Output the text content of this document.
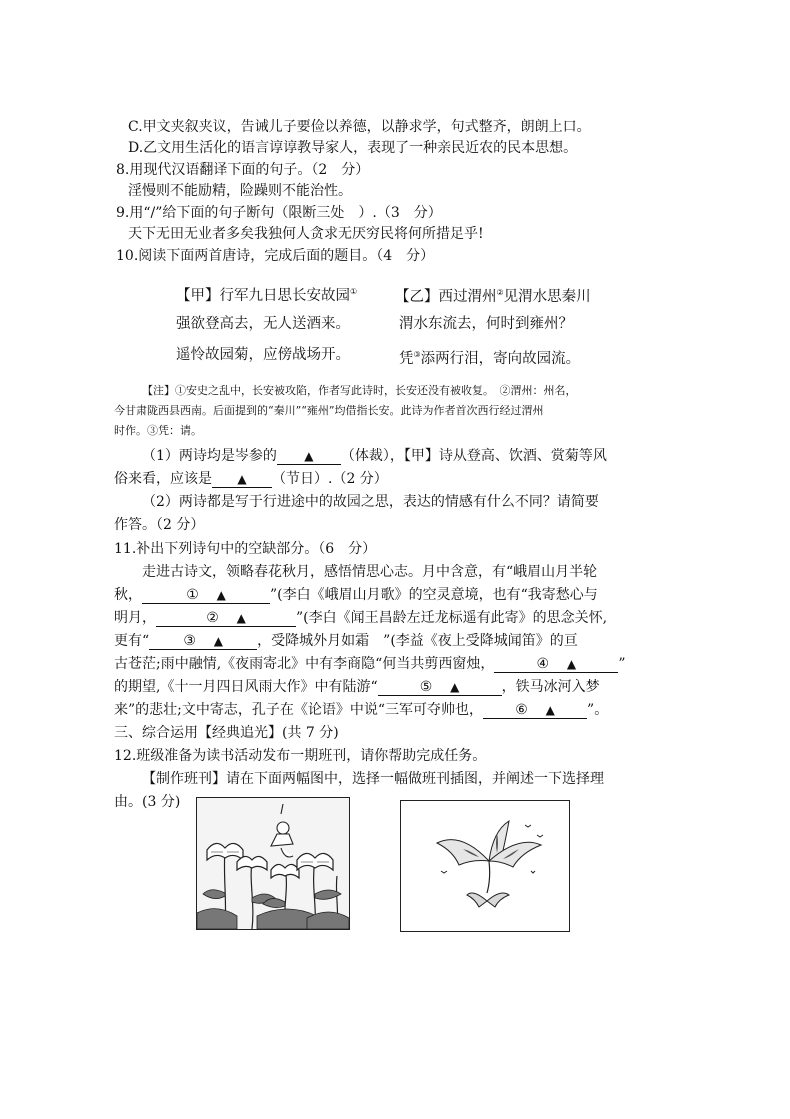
C.甲文夹叙夹议，告诫儿子要俭以养德，以静求学，句式整齐，朗朗上口。
D.乙文用生活化的语言谆谆教导家人，表现了一种亲民近农的民本思想。
8.用现代汉语翻译下面的句子。（2　分）
淫慢则不能励精，险躁则不能治性。
9.用“/”给下面的句子断句（限断三处　）.（3　分）
天下无田无业者多矣我独何人贪求无厌穷民将何所措足乎!
10.阅读下面两首唐诗，完成后面的题目。（4　分）
【甲】行军九日思长安故园①	【乙】西过渭州②见渭水思秦川
强欲登高去，无人送酒来。	渭水东流去，何时到雍州？
遥怜故园菊，应傍战场开。	凭③添两行泪，寄向故园流。
【注】①安史之乱中，长安被攻陷，作者写此诗时，长安还没有被收复。　②渭州：州名，
今甘肃陇西县西南。后面提到的“秦川”“雍州”均借指长安。此诗为作者首次西行经过渭州
时作。③凭：请。
（1）两诗均是岑参的 ▲ （体裁），【甲】诗从登高、饮酒、赏菊等风
俗来看，应该是 ▲ （节日）.（2 分）
（2）两诗都是写于行进途中的故园之思，表达的情感有什么不同？请简要
作答。（2 分）
11.补出下列诗句中的空缺部分。（6　分）
走进古诗文，领略春花秋月，感悟情思心志。月中含意，有“峨眉山月半轮
秋，	① ▲	”(李白《峨眉山月歌》的空灵意境，也有“我寄愁心与
明月，	② ▲	”(李白《闻王昌龄左迁龙标遥有此寄》的思念关怀,
更有“ ③ ▲ ，受降城外月如霜　”(李益《夜上受降城闻笛》的亘
古苍茫;雨中融情,《夜雨寄北》中有李商隐“何当共剪西窗烛，	④ ▲	”
的期望,《十一月四日风雨大作》中有陆游“	⑤ ▲	，铁马冰河入梦
来”的悲壮;文中寄志，孔子在《论语》中说“三军可夺帅也， ⑥ ▲ ”。
三、综合运用【经典追光】(共 7 分)
12.班级准备为读书活动发布一期班刊，请你帮助完成任务。
【制作班刊】请在下面两幅图中，选择一幅做班刊插图，并阐述一下选择理
由。(3 分)
